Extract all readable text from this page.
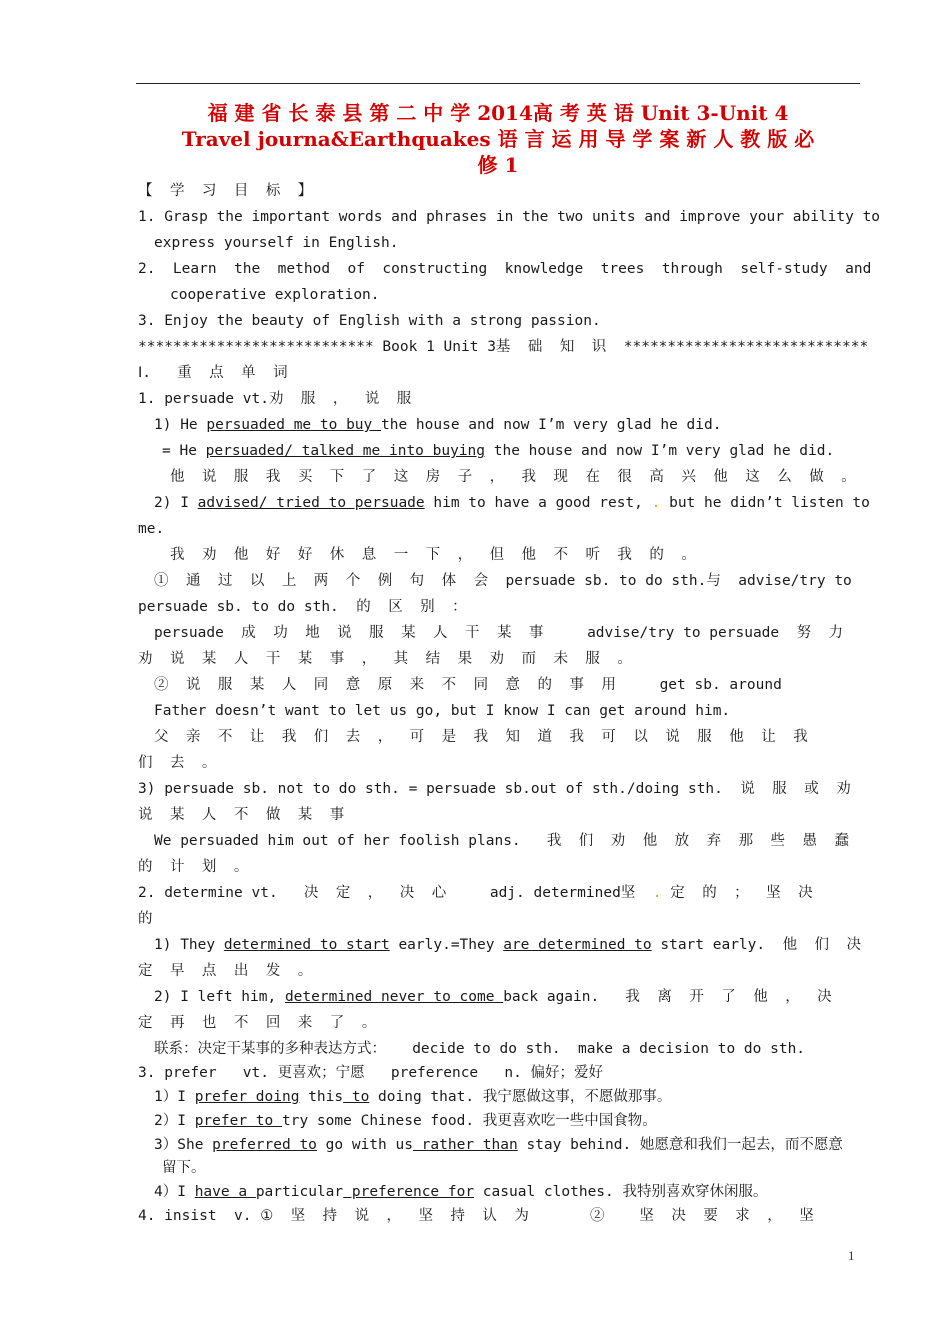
福 建 省 长 泰 县 第 二 中 学 2014高 考 英 语 Unit 3-Unit 4
Travel journa&Earthquakes 语 言 运 用 导 学 案 新 人 教 版 必
修 1
【  学  习  目  标  】
1. Grasp the important words and phrases in the two units and improve your ability to
express yourself in English.
2.  Learn  the  method  of  constructing  knowledge  trees  through  self-study  and
cooperative exploration.
3. Enjoy the beauty of English with a strong passion.
*************************** Book 1 Unit 3基  础  知  识  ****************************
Ⅰ.   重  点  单  词
1. persuade vt.劝  服  ，  说  服
1) He persuaded me to buy the house and now I’m very glad he did.
= He persuaded/ talked me into buying the house and now I’m very glad he did.
他  说  服  我  买  下  了  这  房  子  ，  我  现  在  很  高  兴  他  这  么  做  。
2) I advised/ tried to persuade him to have a good rest, . but he didn’t listen to
me.
我  劝  他  好  好  休  息  一  下  ，  但  他  不  听  我  的  。
①  通  过  以  上  两  个  例  句  体  会  persuade sb. to do sth.与  advise/try to
persuade sb. to do sth.  的  区  别  ：
persuade  成  功  地  说  服  某  人  干  某  事     advise/try to persuade  努  力
劝  说  某  人  干  某  事  ，  其  结  果  劝  而  未  服  。
②  说  服  某  人  同  意  原  来  不  同  意  的  事  用     get sb. around
Father doesn’t want to let us go, but I know I can get around him.
父  亲  不  让  我  们  去  ，  可  是  我  知  道  我  可  以  说  服  他  让  我
们  去  。
3) persuade sb. not to do sth. = persuade sb.out of sth./doing sth.  说  服  或  劝
说  某  人  不  做  某  事
We persuaded him out of her foolish plans.   我  们  劝  他  放  弃  那  些  愚  蠢
的  计  划  。
2. determine vt.   决  定  ，  决  心     adj. determined坚  . 定  的  ；  坚  决
的
1) They determined to start early.=They are determined to start early.  他  们  决
定  早  点  出  发  。
2) I left him, determined never to come back again.   我  离  开  了  他  ，  决
定  再  也  不  回  来  了  。
联系：决定干某事的多种表达方式：   decide to do sth.  make a decision to do sth.
3. prefer   vt. 更喜欢；宁愿   preference   n. 偏好；爱好
1）I prefer doing this to doing that. 我宁愿做这事，不愿做那事。
2）I prefer to try some Chinese food. 我更喜欢吃一些中国食物。
3）She preferred to go with us rather than stay behind. 她愿意和我们一起去，而不愿意
留下。
4）I have a particular preference for casual clothes. 我特别喜欢穿休闲服。
4. insist  v. ①  坚  持  说  ，  坚  持  认  为       ②    坚  决  要  求  ，  坚
1
